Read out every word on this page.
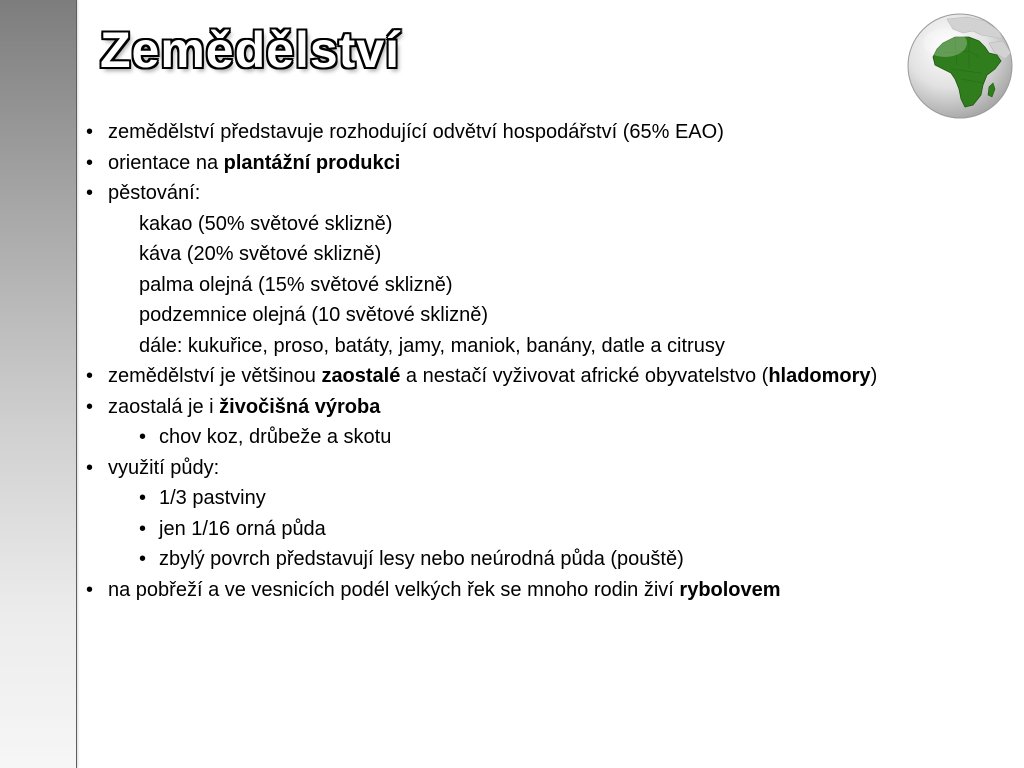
Zemědělství
• zemědělství představuje rozhodující odvětví hospodářství (65% EAO)
• orientace na plantážní produkci
• pěstování:
kakao (50% světové sklizně)
káva (20% světové sklizně)
palma olejná (15% světové sklizně)
podzemnice olejná (10 světové sklizně)
dále: kukuřice, proso, batáty, jamy, maniok, banány, datle a citrusy
• zemědělství je většinou zaostalé a nestačí vyživovat africké obyvatelstvo (hladomory)
• zaostalá je i živočišná výroba
• chov koz, drůbeže a skotu
• využití půdy:
• 1/3 pastviny
• jen 1/16 orná půda
• zbylý povrch představují lesy nebo neúrodná půda (pouště)
• na pobřeží a ve vesnicích podél velkých řek se mnoho rodin živí rybolovem
